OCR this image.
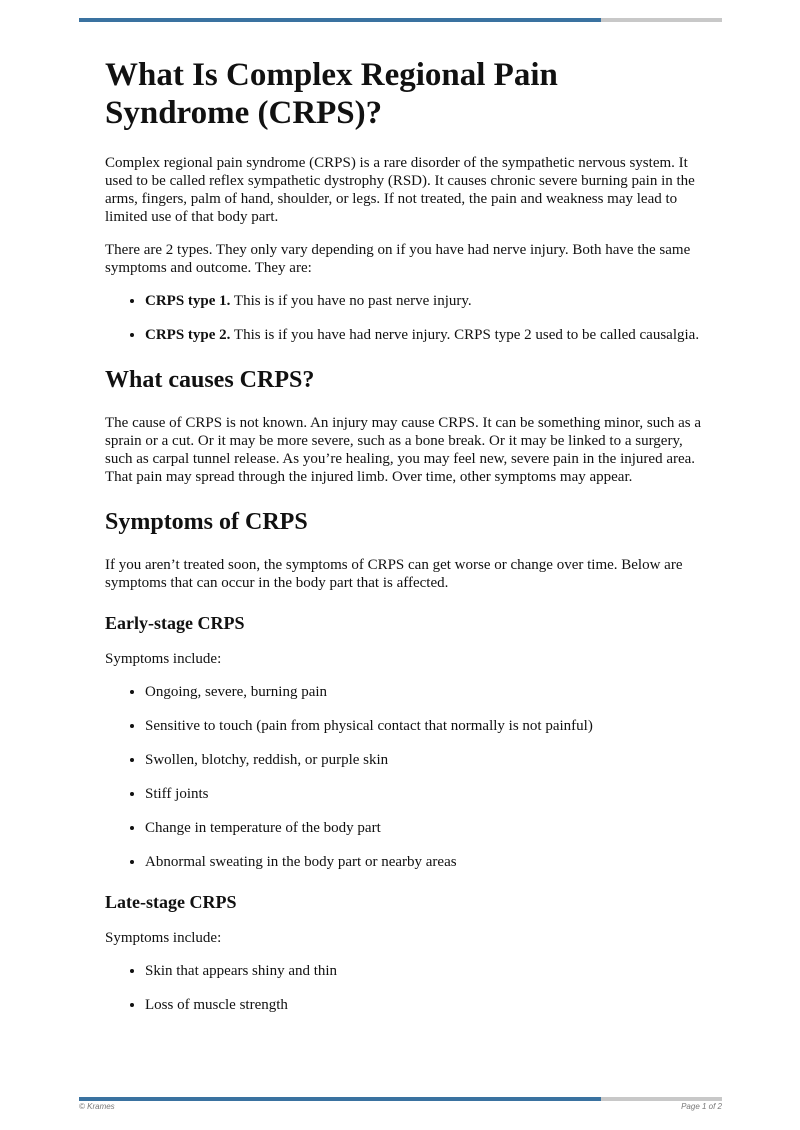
What Is Complex Regional Pain Syndrome (CRPS)?

Complex regional pain syndrome (CRPS) is a rare disorder of the sympathetic nervous system. It used to be called reflex sympathetic dystrophy (RSD). It causes chronic severe burning pain in the arms, fingers, palm of hand, shoulder, or legs. If not treated, the pain and weakness may lead to limited use of that body part.

There are 2 types. They only vary depending on if you have had nerve injury. Both have the same symptoms and outcome. They are:

• CRPS type 1. This is if you have no past nerve injury.
• CRPS type 2. This is if you have had nerve injury. CRPS type 2 used to be called causalgia.
What causes CRPS?

The cause of CRPS is not known. An injury may cause CRPS. It can be something minor, such as a sprain or a cut. Or it may be more severe, such as a bone break. Or it may be linked to a surgery, such as carpal tunnel release. As you’re healing, you may feel new, severe pain in the injured area. That pain may spread through the injured limb. Over time, other symptoms may appear.

Symptoms of CRPS

If you aren’t treated soon, the symptoms of CRPS can get worse or change over time. Below are symptoms that can occur in the body part that is affected.

Early-stage CRPS

Symptoms include:

• Ongoing, severe, burning pain
• Sensitive to touch (pain from physical contact that normally is not painful)
• Swollen, blotchy, reddish, or purple skin
• Stiff joints
• Change in temperature of the body part
• Abnormal sweating in the body part or nearby areas
Late-stage CRPS

Symptoms include:

• Skin that appears shiny and thin
• Loss of muscle strength
© Krames	Page 1 of 2
